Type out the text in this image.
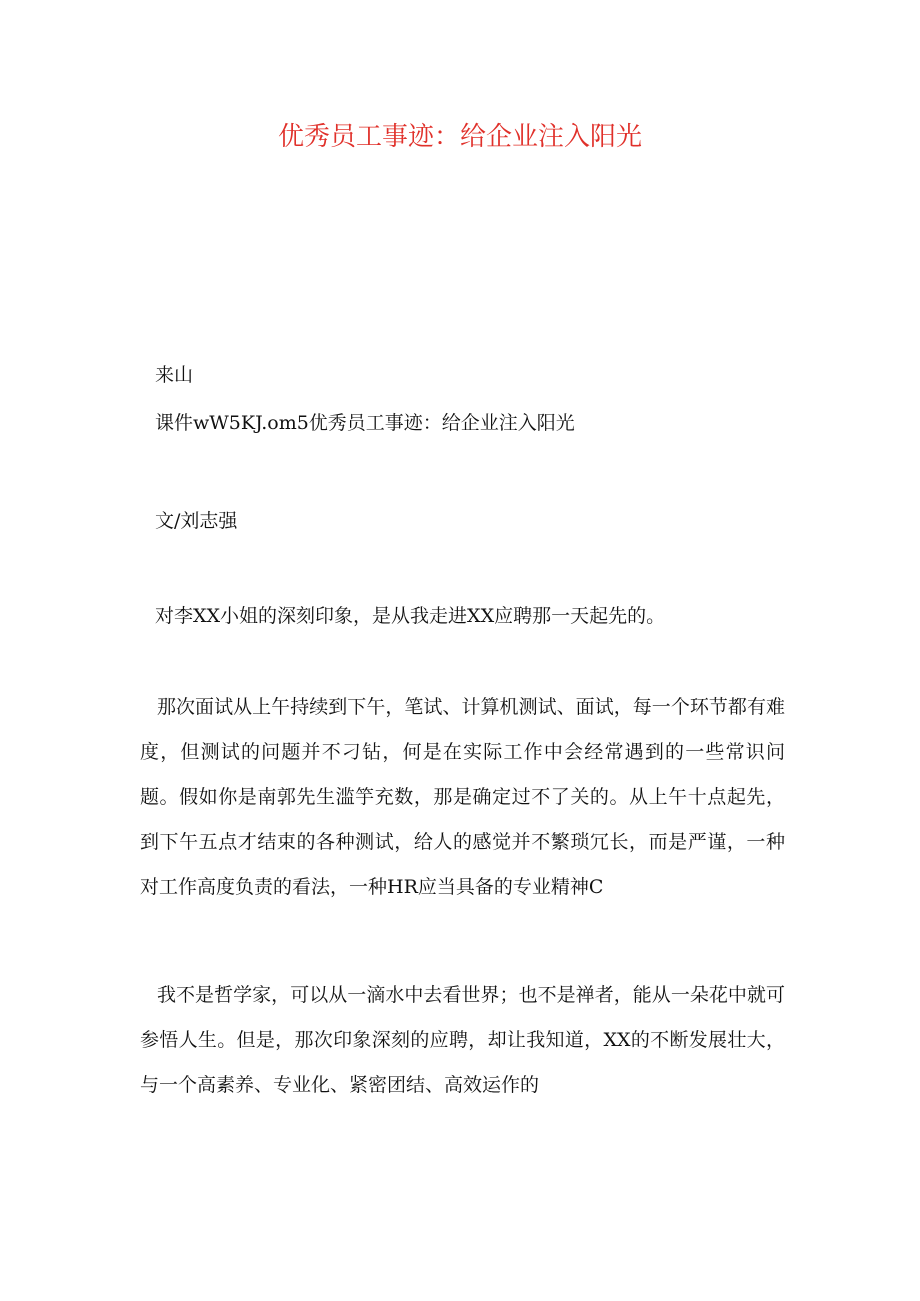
优秀员工事迹：给企业注入阳光

来山

课件wW5KJ.om5优秀员工事迹：给企业注入阳光

文/刘志强

对李XX小姐的深刻印象，是从我走进XX应聘那一天起先的。

那次面试从上午持续到下午，笔试、计算机测试、面试，每一个环节都有难度，但测试的问题并不刁钻，何是在实际工作中会经常遇到的一些常识问题。假如你是南郭先生滥竽充数，那是确定过不了关的。从上午十点起先，到下午五点才结束的各种测试，给人的感觉并不繁琐冗长，而是严谨，一种对工作高度负责的看法，一种HR应当具备的专业精神C

我不是哲学家，可以从一滴水中去看世界；也不是禅者，能从一朵花中就可参悟人生。但是，那次印象深刻的应聘，却让我知道，XX的不断发展壮大，与一个高素养、专业化、紧密团结、高效运作的
